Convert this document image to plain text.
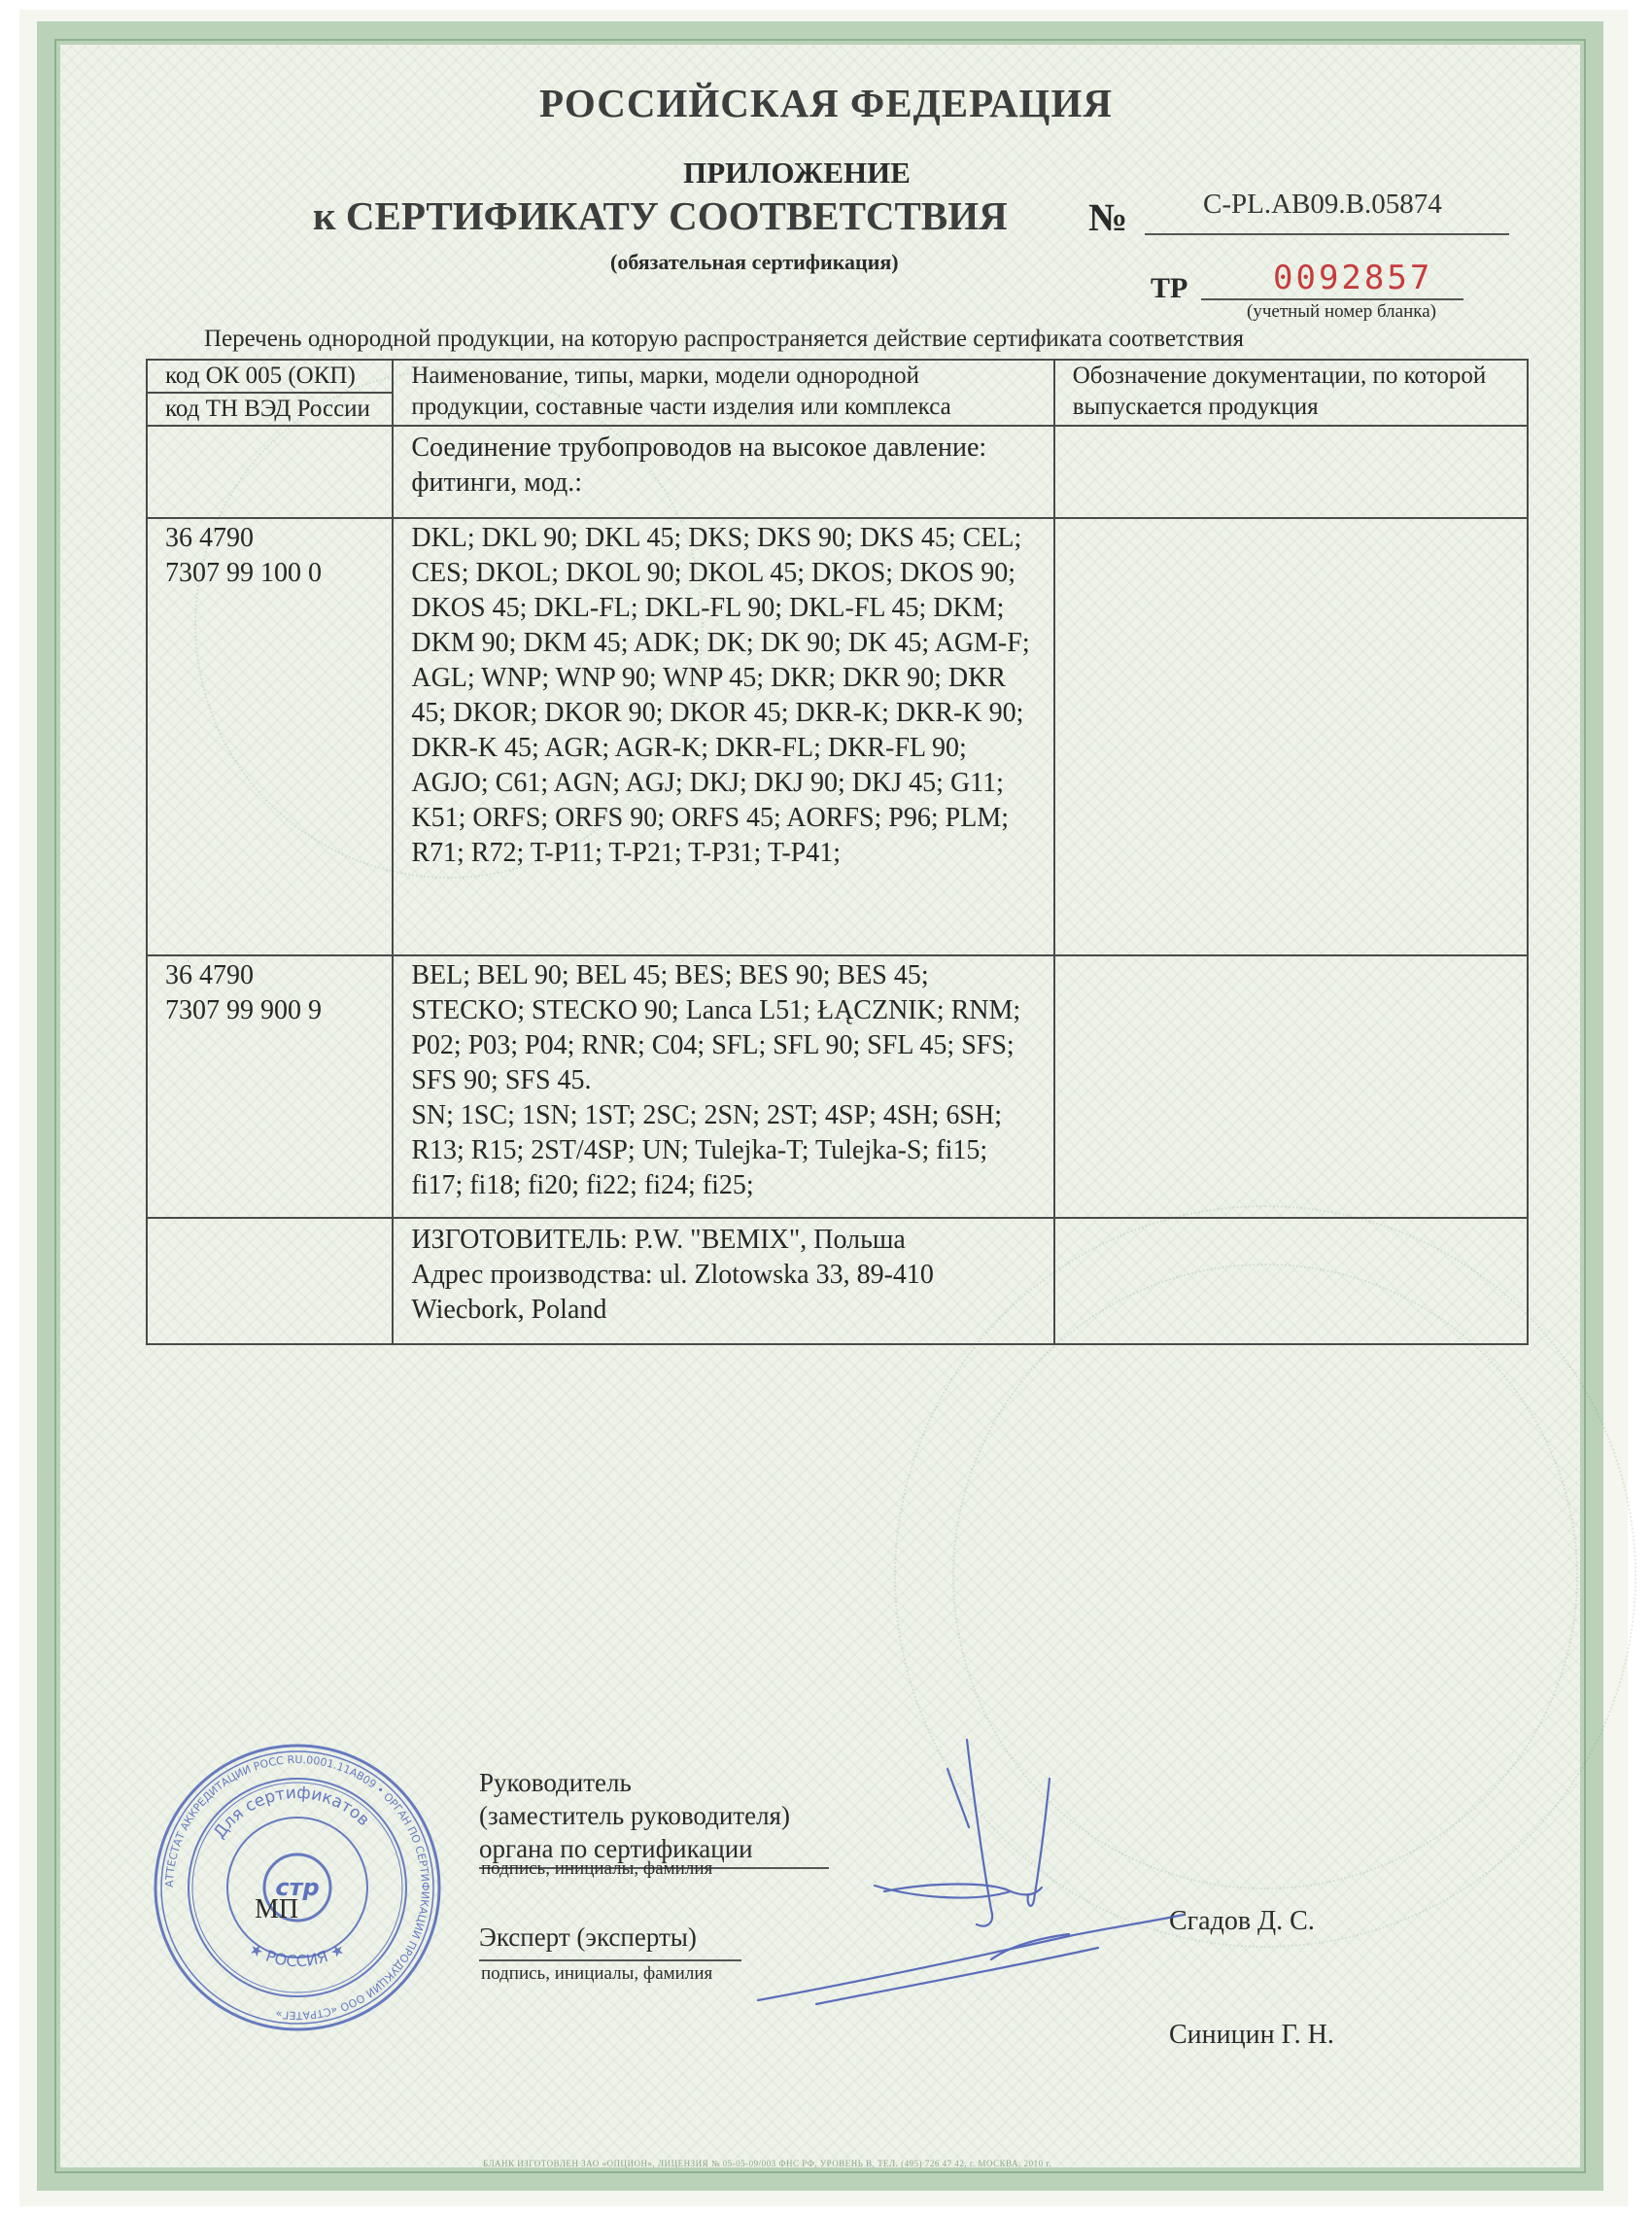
РОССИЙСКАЯ ФЕДЕРАЦИЯ
ПРИЛОЖЕНИЕ
к СЕРТИФИКАТУ СООТВЕТСТВИЯ №	C-PL.AB09.B.05874
(обязательная сертификация)
ТР	0092857
(учетный номер бланка)
Перечень однородной продукции, на которую распространяется действие сертификата соответствия
код ОК 005 (ОКП)
код ТН ВЭД России	Наименование, типы, марки, модели однородной продукции, составные части изделия или комплекса	Обозначение документации, по которой выпускается продукция
	Соединение трубопроводов на высокое давление: фитинги, мод.:	
36 4790
7307 99 100 0	DKL; DKL 90; DKL 45; DKS; DKS 90; DKS 45; CEL; CES; DKOL; DKOL 90; DKOL 45; DKOS; DKOS 90; DKOS 45; DKL-FL; DKL-FL 90; DKL-FL 45; DKM; DKM 90; DKM 45; ADK; DK; DK 90; DK 45; AGM-F; AGL; WNP; WNP 90; WNP 45; DKR; DKR 90; DKR 45; DKOR; DKOR 90; DKOR 45; DKR-K; DKR-K 90; DKR-K 45; AGR; AGR-K; DKR-FL; DKR-FL 90; AGJO; C61; AGN; AGJ; DKJ; DKJ 90; DKJ 45; G11; K51; ORFS; ORFS 90; ORFS 45; AORFS; P96; PLM; R71; R72; T-P11; T-P21; T-P31; T-P41;	
36 4790
7307 99 900 9	BEL; BEL 90; BEL 45; BES; BES 90; BES 45; STECKO; STECKO 90; Lanca L51; ŁĄCZNIK; RNM; P02; P03; P04; RNR; C04; SFL; SFL 90; SFL 45; SFS; SFS 90; SFS 45.
SN; 1SC; 1SN; 1ST; 2SC; 2SN; 2ST; 4SP; 4SH; 6SH; R13; R15; 2ST/4SP; UN; Tulejka-T; Tulejka-S; fi15; fi17; fi18; fi20; fi22; fi24; fi25;	
	ИЗГОТОВИТЕЛЬ: P.W. "BEMIX", Польша
Адрес производства: ul. Zlotowska 33, 89-410 Wiecbork, Poland	
Руководитель
(заместитель руководителя)
органа по сертификации
подпись, инициалы, фамилия
Эксперт (эксперты)
подпись, инициалы, фамилия
Сгадов Д. С.
Синицин Г. Н.
АТТЕСТАТ АККРЕДИТАЦИИ РОСС RU.0001.11АВ09 • ОРГАН ПО СЕРТИФИКАЦИИ ПРОДУКЦИИ ООО «СТРАТЕГ»
Для сертификатов
★ РОССИЯ ★
стр
МП
БЛАНК ИЗГОТОВЛЕН ЗАО «ОПЦИОН», ЛИЦЕНЗИЯ № 05-05-09/003 ФНС РФ, УРОВЕНЬ В, ТЕЛ. (495) 726 47 42, г. МОСКВА, 2010 г.
